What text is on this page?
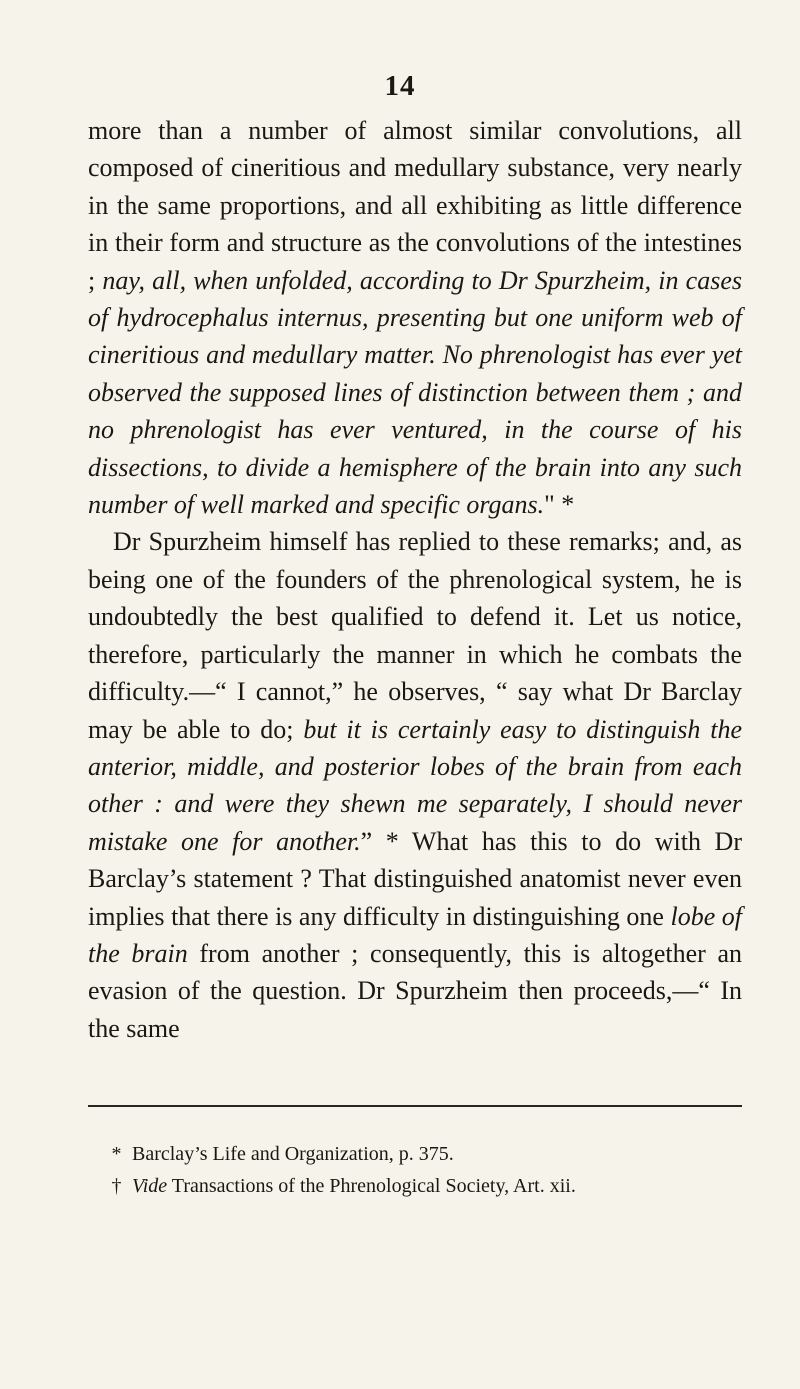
14

more than a number of almost similar convolutions, all composed of cineritious and medullary substance, very nearly in the same proportions, and all exhibiting as little difference in their form and structure as the convolutions of the intestines ; nay, all, when unfolded, according to Dr Spurzheim, in cases of hydrocephalus internus, presenting but one uniform web of cineritious and medullary matter. No phrenologist has ever yet observed the supposed lines of distinction between them ; and no phrenologist has ever ventured, in the course of his dissections, to divide a hemisphere of the brain into any such number of well marked and specific organs." *

Dr Spurzheim himself has replied to these remarks; and, as being one of the founders of the phrenological system, he is undoubtedly the best qualified to defend it. Let us notice, therefore, particularly the manner in which he combats the difficulty.—“ I cannot,” he observes, “ say what Dr Barclay may be able to do; but it is certainly easy to distinguish the anterior, middle, and posterior lobes of the brain from each other : and were they shewn me separately, I should never mistake one for another.” * What has this to do with Dr Barclay’s statement ? That distinguished anatomist never even implies that there is any difficulty in distinguishing one lobe of the brain from another ; consequently, this is altogether an evasion of the question. Dr Spurzheim then proceeds,—“ In the same

* Barclay’s Life and Organization, p. 375.
† Vide Transactions of the Phrenological Society, Art. xii.
